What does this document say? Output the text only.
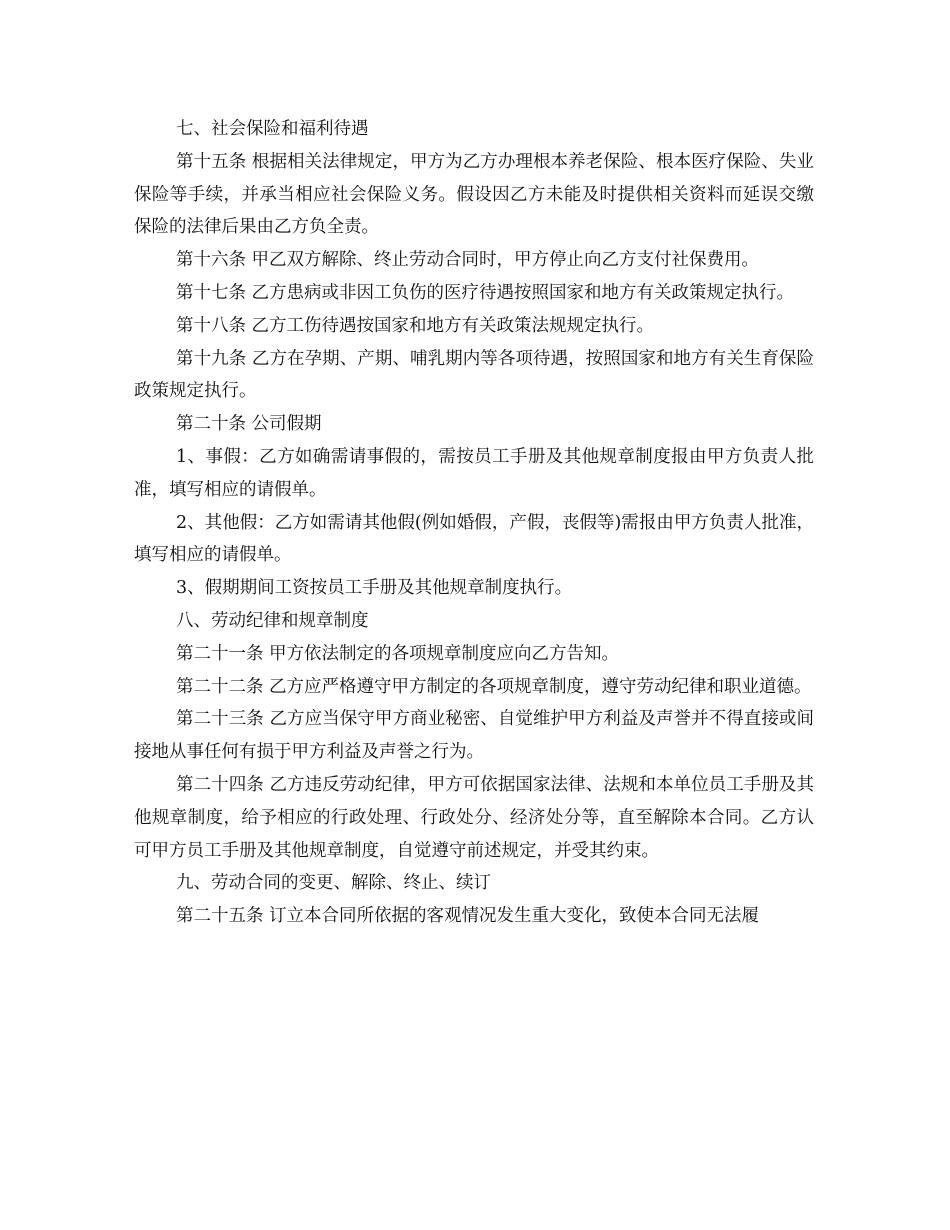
七、社会保险和福利待遇

第十五条 根据相关法律规定，甲方为乙方办理根本养老保险、根本医疗保险、失业保险等手续，并承当相应社会保险义务。假设因乙方未能及时提供相关资料而延误交缴保险的法律后果由乙方负全责。

第十六条 甲乙双方解除、终止劳动合同时，甲方停止向乙方支付社保费用。

第十七条 乙方患病或非因工负伤的医疗待遇按照国家和地方有关政策规定执行。

第十八条 乙方工伤待遇按国家和地方有关政策法规规定执行。

第十九条 乙方在孕期、产期、哺乳期内等各项待遇，按照国家和地方有关生育保险政策规定执行。

第二十条 公司假期

1、事假：乙方如确需请事假的，需按员工手册及其他规章制度报由甲方负责人批准，填写相应的请假单。

2、其他假：乙方如需请其他假(例如婚假，产假，丧假等)需报由甲方负责人批准，填写相应的请假单。

3、假期期间工资按员工手册及其他规章制度执行。

八、劳动纪律和规章制度

第二十一条 甲方依法制定的各项规章制度应向乙方告知。

第二十二条 乙方应严格遵守甲方制定的各项规章制度，遵守劳动纪律和职业道德。

第二十三条 乙方应当保守甲方商业秘密、自觉维护甲方利益及声誉并不得直接或间接地从事任何有损于甲方利益及声誉之行为。

第二十四条 乙方违反劳动纪律，甲方可依据国家法律、法规和本单位员工手册及其他规章制度，给予相应的行政处理、行政处分、经济处分等，直至解除本合同。乙方认可甲方员工手册及其他规章制度，自觉遵守前述规定，并受其约束。

九、劳动合同的变更、解除、终止、续订

第二十五条 订立本合同所依据的客观情况发生重大变化，致使本合同无法履
